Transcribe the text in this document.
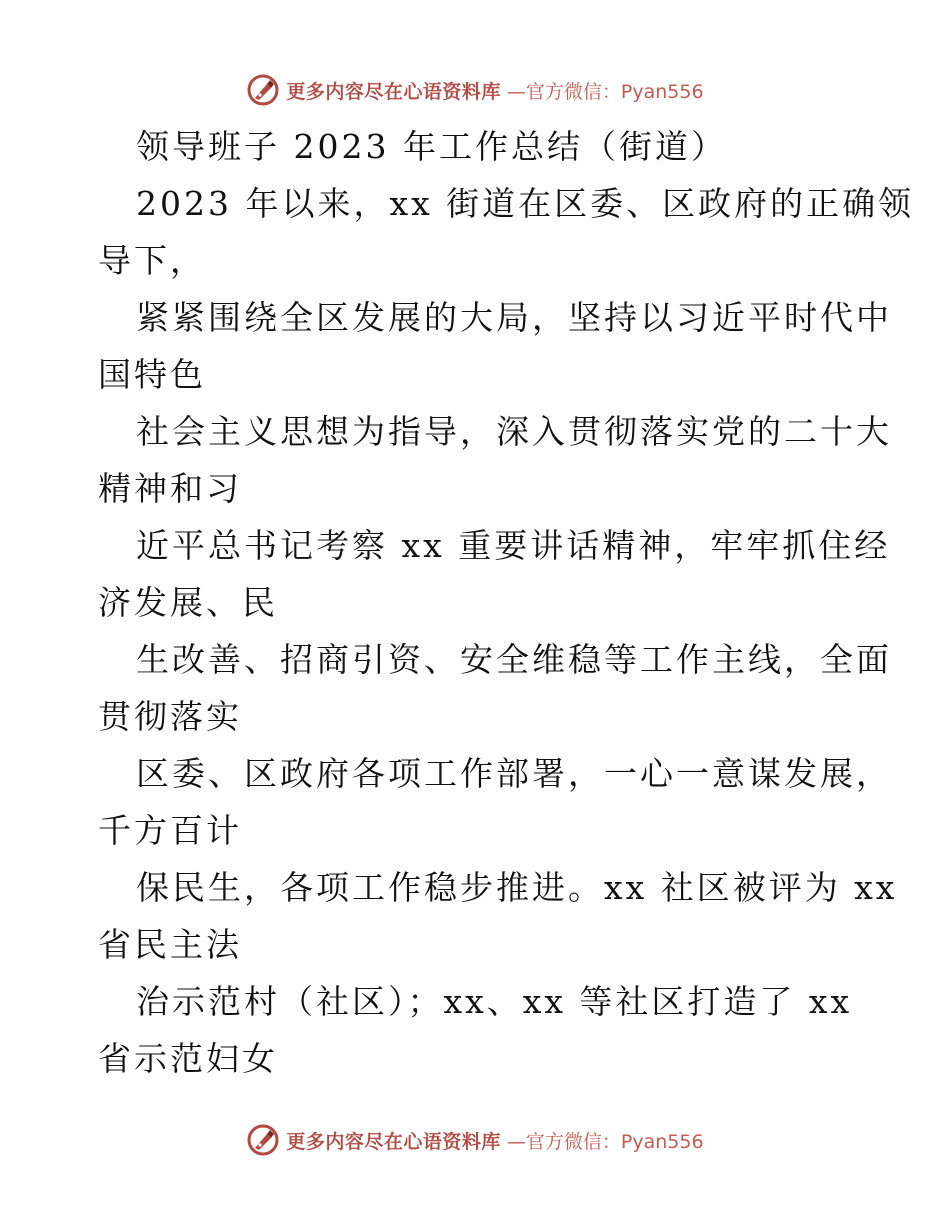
更多内容尽在心语资料库 —官方微信：Pyan556
领导班子 2023 年工作总结（街道）
2023 年以来，xx 街道在区委、区政府的正确领
导下，
紧紧围绕全区发展的大局，坚持以习近平时代中
国特色
社会主义思想为指导，深入贯彻落实党的二十大
精神和习
近平总书记考察 xx 重要讲话精神，牢牢抓住经
济发展、民
生改善、招商引资、安全维稳等工作主线，全面
贯彻落实
区委、区政府各项工作部署，一心一意谋发展，
千方百计
保民生，各项工作稳步推进。xx 社区被评为 xx
省民主法
治示范村（社区）；xx、xx 等社区打造了 xx
省示范妇女
更多内容尽在心语资料库 —官方微信：Pyan556
